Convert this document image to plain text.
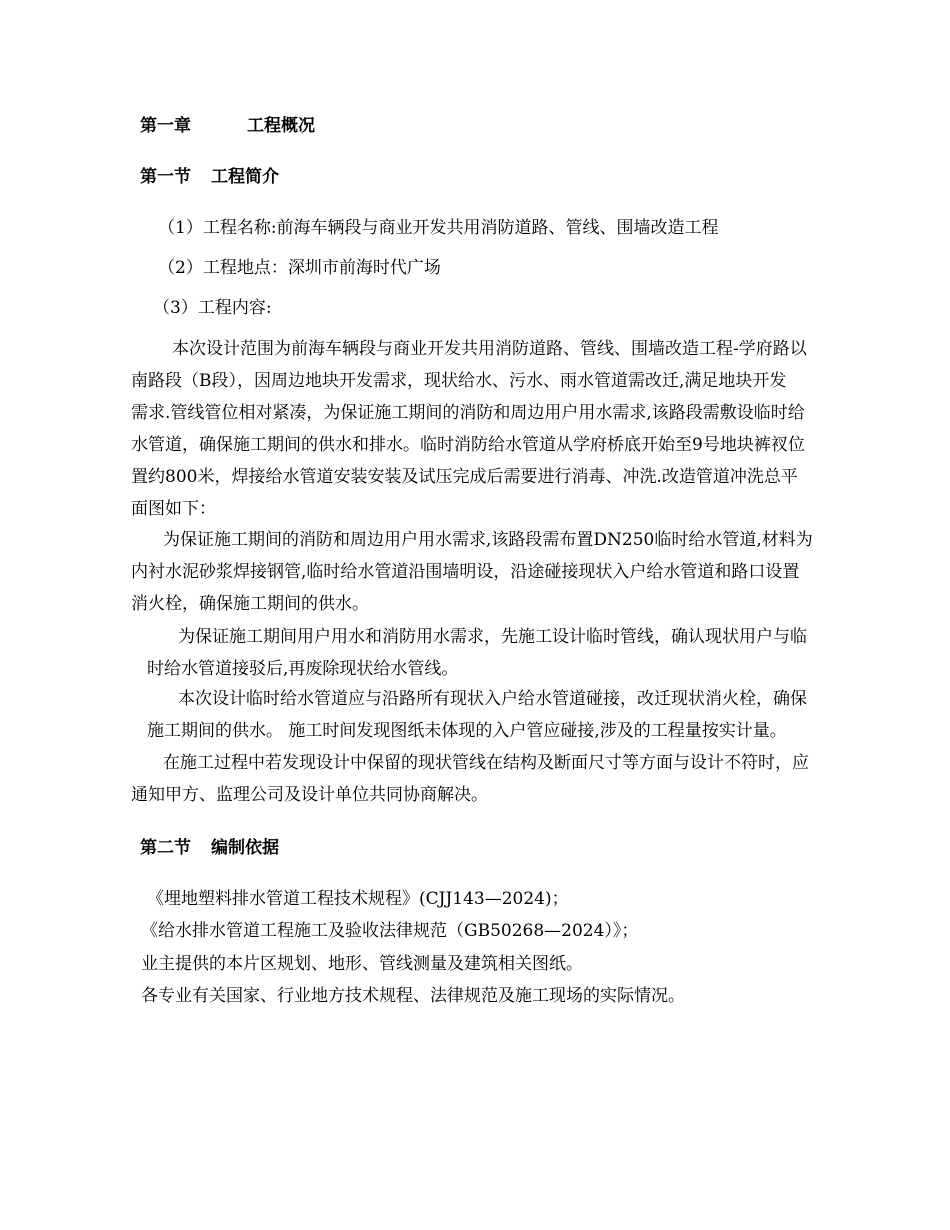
第一章	工程概况
第一节 工程简介
（1）工程名称:前海车辆段与商业开发共用消防道路、管线、围墙改造工程
（2）工程地点：深圳市前海时代广场
（3）工程内容:
本次设计范围为前海车辆段与商业开发共用消防道路、管线、围墙改造工程-学府路以
南路段（B段），因周边地块开发需求，现状给水、污水、雨水管道需改迁,满足地块开发
需求.管线管位相对紧凑，为保证施工期间的消防和周边用户用水需求,该路段需敷设临时给
水管道，确保施工期间的供水和排水。临时消防给水管道从学府桥底开始至9号地块裤衩位
置约800米，焊接给水管道安装安装及试压完成后需要进行消毒、冲洗.改造管道冲洗总平
面图如下：
为保证施工期间的消防和周边用户用水需求,该路段需布置DN250临时给水管道,材料为
内衬水泥砂浆焊接钢管,临时给水管道沿围墙明设，沿途碰接现状入户给水管道和路口设置
消火栓，确保施工期间的供水。
为保证施工期间用户用水和消防用水需求，先施工设计临时管线，确认现状用户与临
时给水管道接驳后,再废除现状给水管线。
本次设计临时给水管道应与沿路所有现状入户给水管道碰接，改迁现状消火栓，确保
施工期间的供水。 施工时间发现图纸未体现的入户管应碰接,涉及的工程量按实计量。
在施工过程中若发现设计中保留的现状管线在结构及断面尺寸等方面与设计不符时，应
通知甲方、监理公司及设计单位共同协商解决。
第二节 编制依据
《埋地塑料排水管道工程技术规程》(CJJ143—2024)；
《给水排水管道工程施工及验收法律规范（GB50268—2024）》；
业主提供的本片区规划、地形、管线测量及建筑相关图纸。
各专业有关国家、行业地方技术规程、法律规范及施工现场的实际情况。
